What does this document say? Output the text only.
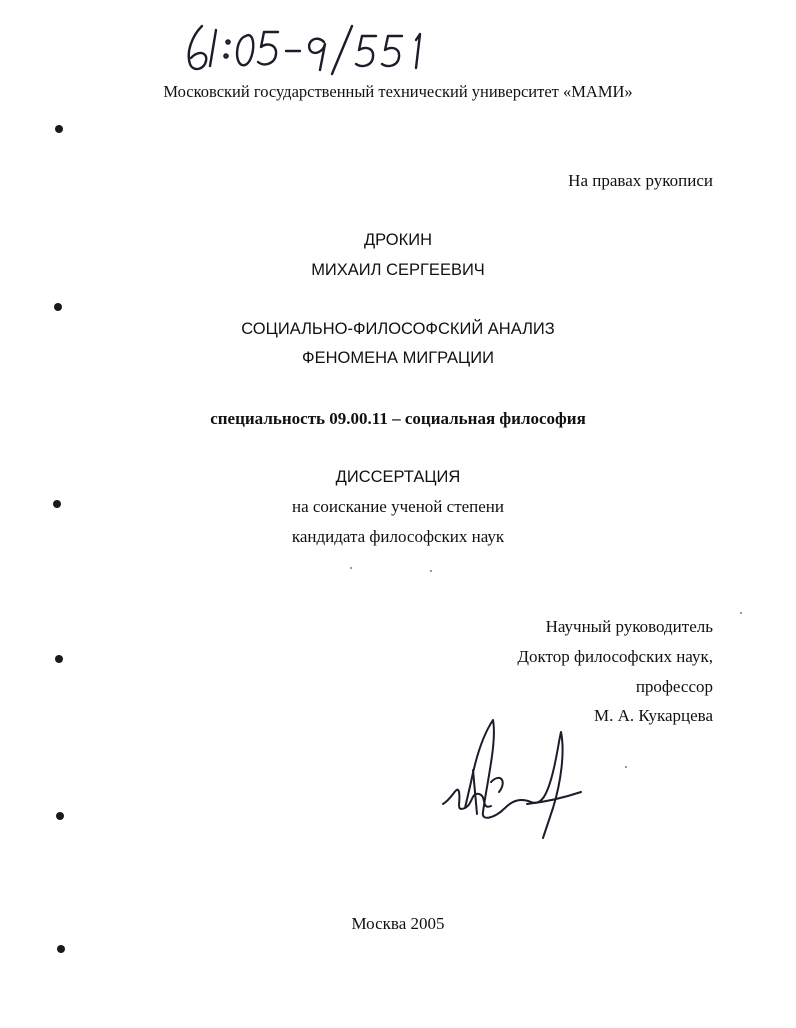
Московский государственный технический университет «МАМИ»
На правах рукописи
ДРОКИН
МИХАИЛ СЕРГЕЕВИЧ
СОЦИАЛЬНО-ФИЛОСОФСКИЙ АНАЛИЗ
ФЕНОМЕНА МИГРАЦИИ
специальность 09.00.11 – социальная философия
ДИССЕРТАЦИЯ
на соискание ученой степени
кандидата философских наук
Научный руководитель
Доктор философских наук,
профессор
М. А. Кукарцева
Москва 2005
